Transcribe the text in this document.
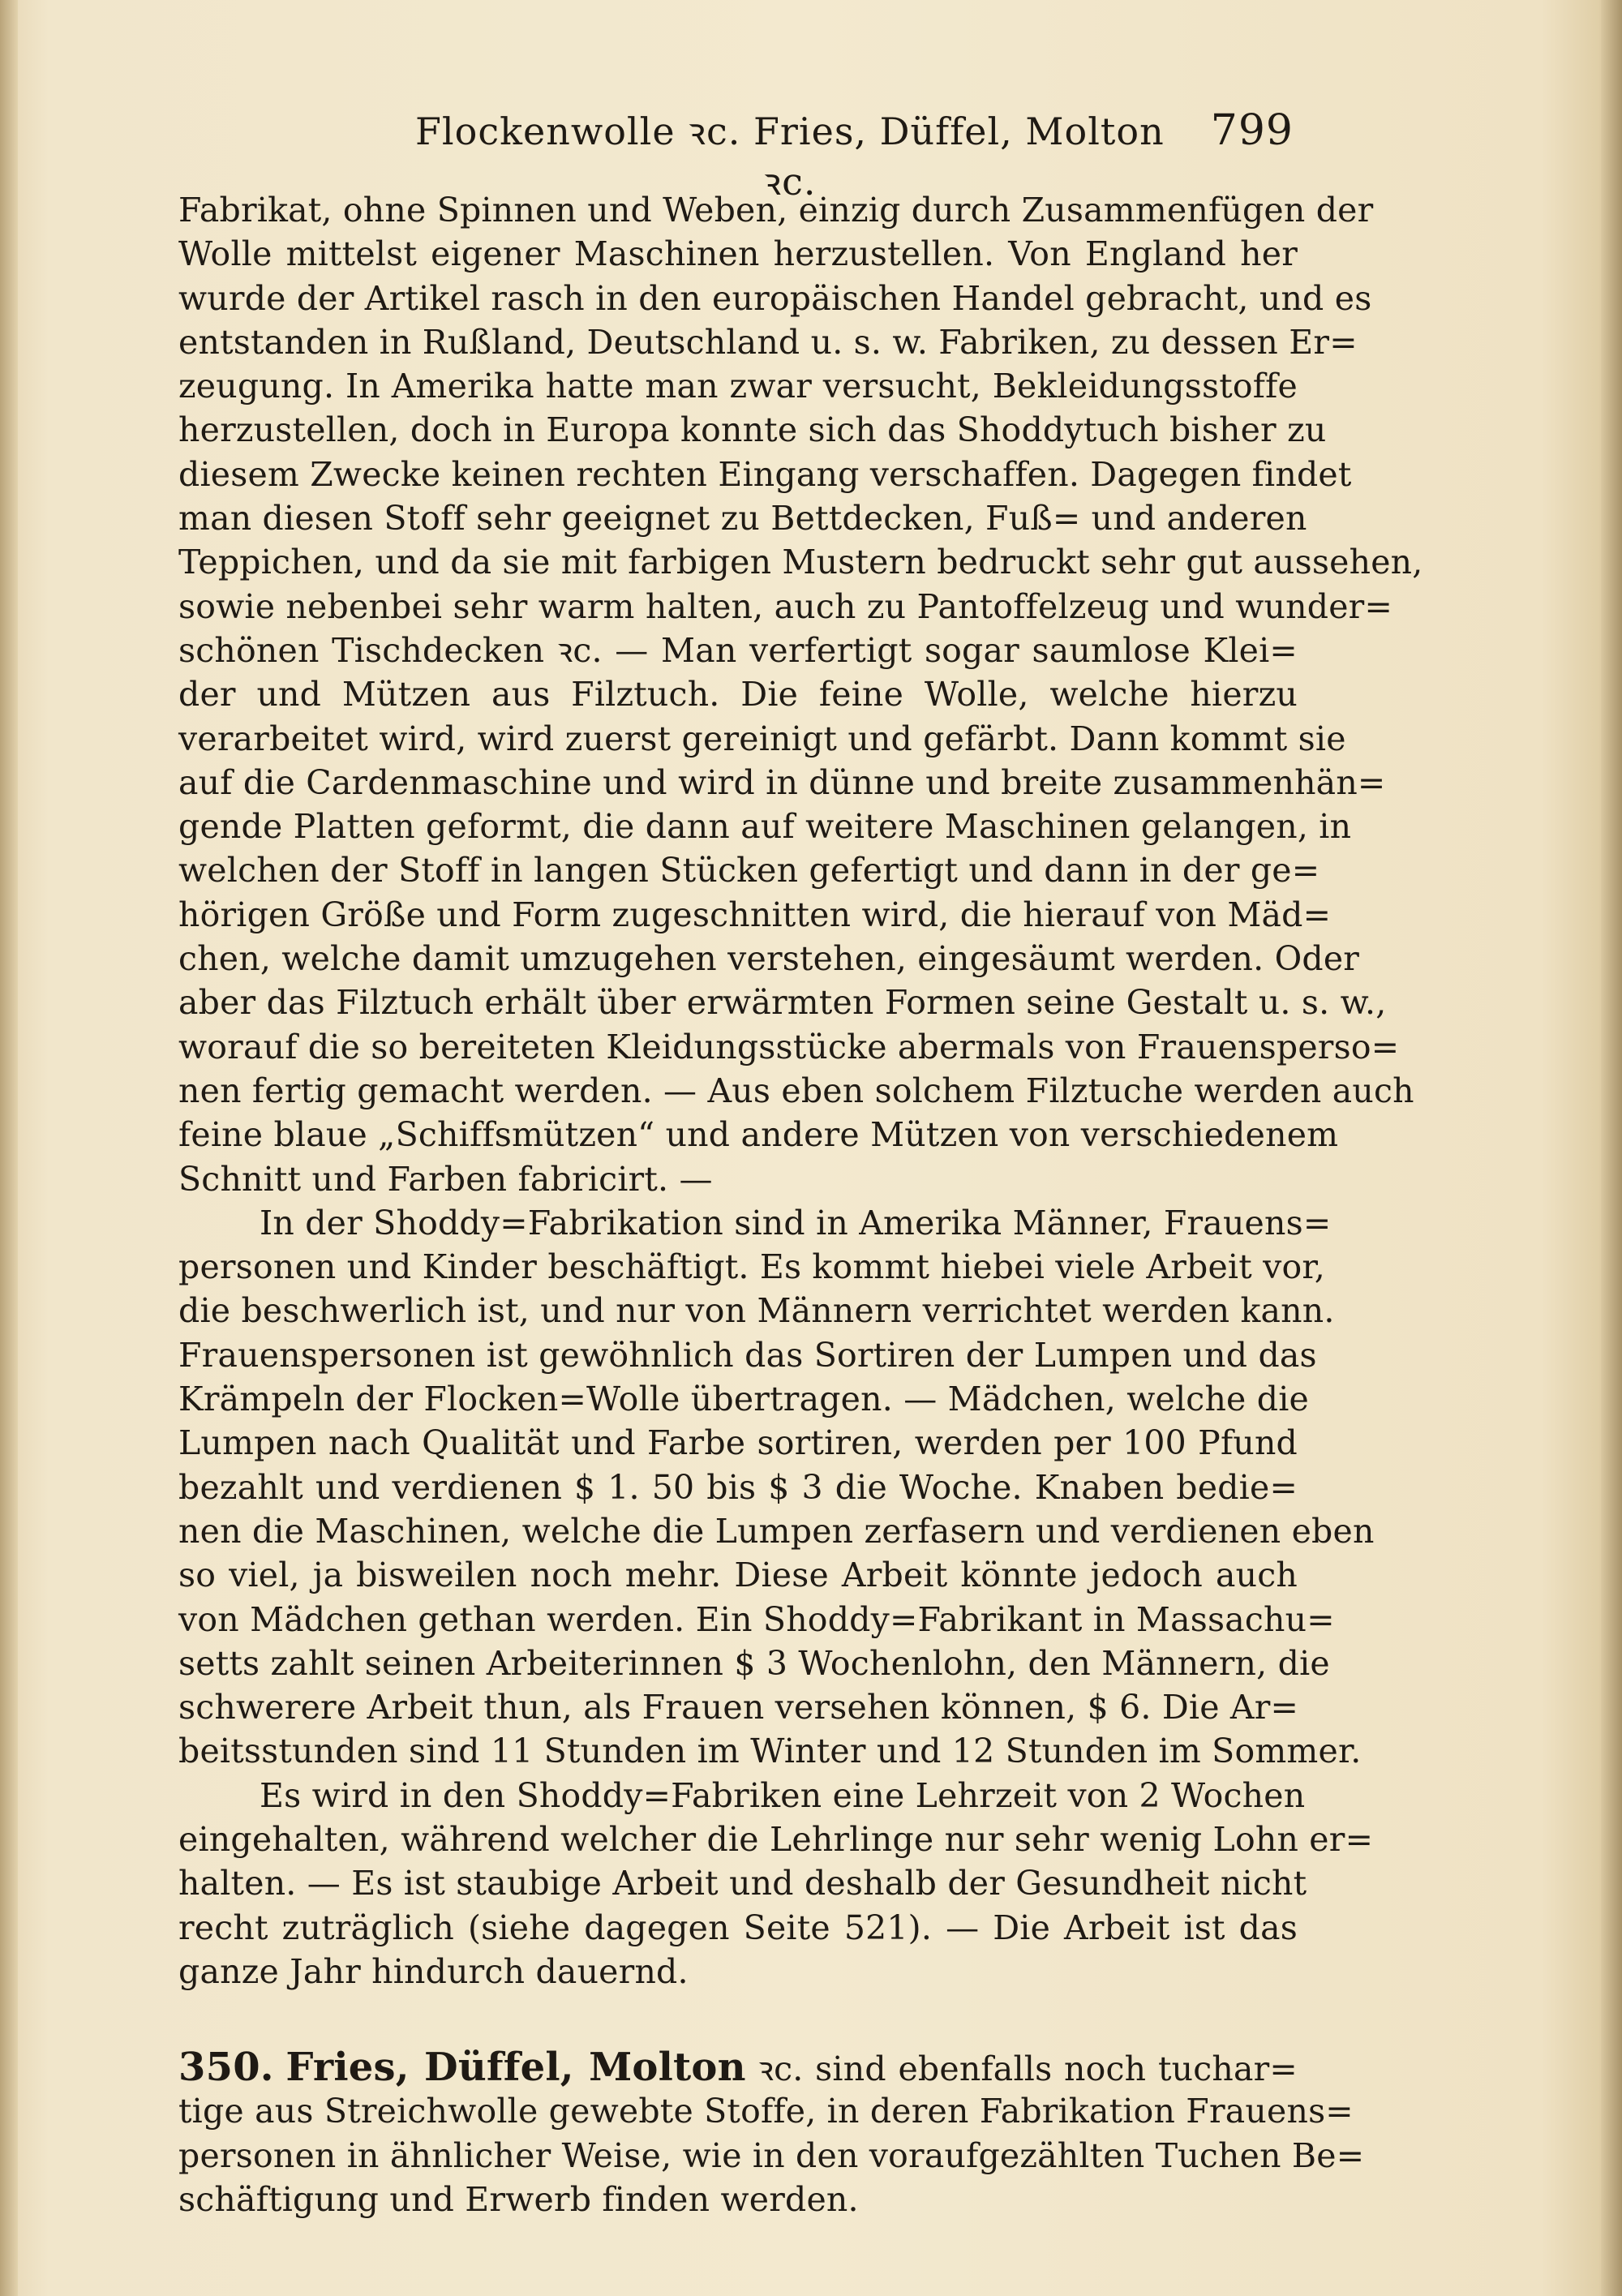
Flockenwolle ꝛc. Fries, Düffel, Molton ꝛc.
799
Fabrikat, ohne Spinnen und Weben, einzig durch Zusammenfügen der
Wolle mittelst eigener Maschinen herzustellen. Von England her
wurde der Artikel rasch in den europäischen Handel gebracht, und es
entstanden in Rußland, Deutschland u. s. w. Fabriken, zu dessen Er=
zeugung. In Amerika hatte man zwar versucht, Bekleidungsstoffe
herzustellen, doch in Europa konnte sich das Shoddytuch bisher zu
diesem Zwecke keinen rechten Eingang verschaffen. Dagegen findet
man diesen Stoff sehr geeignet zu Bettdecken, Fuß= und anderen
Teppichen, und da sie mit farbigen Mustern bedruckt sehr gut aussehen,
sowie nebenbei sehr warm halten, auch zu Pantoffelzeug und wunder=
schönen Tischdecken ꝛc. — Man verfertigt sogar saumlose Klei=
der und Mützen aus Filztuch. Die feine Wolle, welche hierzu
verarbeitet wird, wird zuerst gereinigt und gefärbt. Dann kommt sie
auf die Cardenmaschine und wird in dünne und breite zusammenhän=
gende Platten geformt, die dann auf weitere Maschinen gelangen, in
welchen der Stoff in langen Stücken gefertigt und dann in der ge=
hörigen Größe und Form zugeschnitten wird, die hierauf von Mäd=
chen, welche damit umzugehen verstehen, eingesäumt werden. Oder
aber das Filztuch erhält über erwärmten Formen seine Gestalt u. s. w.,
worauf die so bereiteten Kleidungsstücke abermals von Frauensperso=
nen fertig gemacht werden. — Aus eben solchem Filztuche werden auch
feine blaue „Schiffsmützen“ und andere Mützen von verschiedenem
Schnitt und Farben fabricirt. —
In der Shoddy=Fabrikation sind in Amerika Männer, Frauens=
personen und Kinder beschäftigt. Es kommt hiebei viele Arbeit vor,
die beschwerlich ist, und nur von Männern verrichtet werden kann.
Frauenspersonen ist gewöhnlich das Sortiren der Lumpen und das
Krämpeln der Flocken=Wolle übertragen. — Mädchen, welche die
Lumpen nach Qualität und Farbe sortiren, werden per 100 Pfund
bezahlt und verdienen $ 1. 50 bis $ 3 die Woche. Knaben bedie=
nen die Maschinen, welche die Lumpen zerfasern und verdienen eben
so viel, ja bisweilen noch mehr. Diese Arbeit könnte jedoch auch
von Mädchen gethan werden. Ein Shoddy=Fabrikant in Massachu=
setts zahlt seinen Arbeiterinnen $ 3 Wochenlohn, den Männern, die
schwerere Arbeit thun, als Frauen versehen können, $ 6. Die Ar=
beitsstunden sind 11 Stunden im Winter und 12 Stunden im Sommer.
Es wird in den Shoddy=Fabriken eine Lehrzeit von 2 Wochen
eingehalten, während welcher die Lehrlinge nur sehr wenig Lohn er=
halten. — Es ist staubige Arbeit und deshalb der Gesundheit nicht
recht zuträglich (siehe dagegen Seite 521). — Die Arbeit ist das
ganze Jahr hindurch dauernd.
350. Fries, Düffel, Molton ꝛc. sind ebenfalls noch tuchar=
tige aus Streichwolle gewebte Stoffe, in deren Fabrikation Frauens=
personen in ähnlicher Weise, wie in den voraufgezählten Tuchen Be=
schäftigung und Erwerb finden werden.
